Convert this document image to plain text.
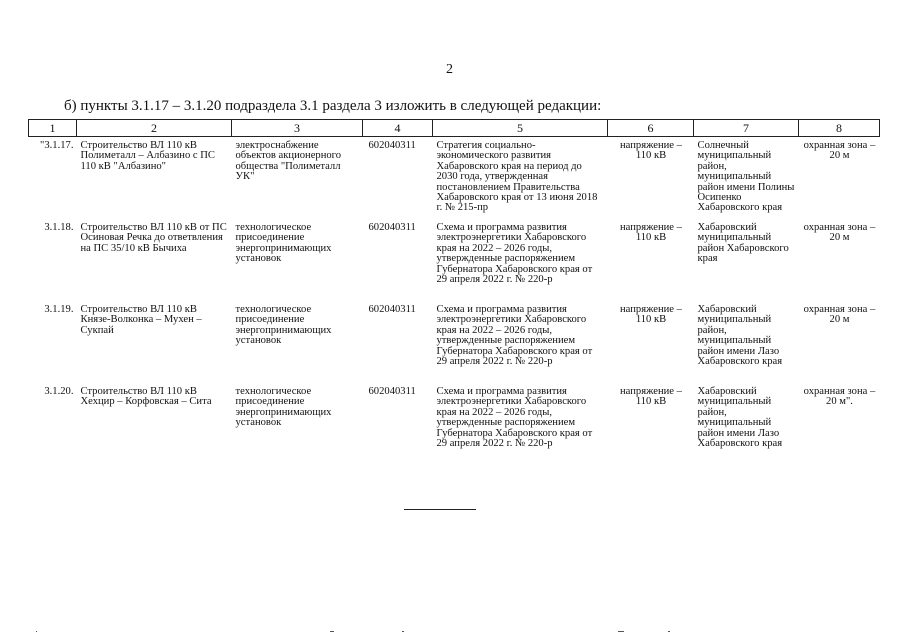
2
б) пункты 3.1.17 – 3.1.20 подраздела 3.1 раздела 3 изложить в следующей редакции:
1	2	3	4	5	6	7	8
"3.1.17.	Строительство ВЛ 110 кВ Полиметалл – Албазино с ПС 110 кВ "Албазино"	электроснабжение объектов акционерного общества "Полиметалл УК"	602040311	Стратегия социально-экономического развития Хабаровского края на период до 2030 года, утвержденная постановлением Правительства Хабаровского края от 13 июня 2018 г. № 215-пр	напряжение – 110 кВ	Солнечный муниципальный район, муниципальный район имени Полины Осипенко Хабаровского края	охранная зона – 20 м
3.1.18.	Строительство ВЛ 110 кВ от ПС Осиновая Речка до ответвления на ПС 35/10 кВ Бычиха	технологическое присоединение энергопринимающих установок	602040311	Схема и программа развития электроэнергетики Хабаровского края на 2022 – 2026 годы, утвержденные распоряжением Губернатора Хабаровского края от 29 апреля 2022 г. № 220-р	напряжение – 110 кВ	Хабаровский муниципальный район Хабаровского края	охранная зона – 20 м
3.1.19.	Строительство ВЛ 110 кВ Князе-Волконка – Мухен – Сукпай	технологическое присоединение энергопринимающих установок	602040311	Схема и программа развития электроэнергетики Хабаровского края на 2022 – 2026 годы, утвержденные распоряжением Губернатора Хабаровского края от 29 апреля 2022 г. № 220-р	напряжение – 110 кВ	Хабаровский муниципальный район, муниципальный район имени Лазо Хабаровского края	охранная зона – 20 м
3.1.20.	Строительство ВЛ 110 кВ Хехцир – Корфовская – Сита	технологическое присоединение энергопринимающих установок	602040311	Схема и программа развития электроэнергетики Хабаровского края на 2022 – 2026 годы, утвержденные распоряжением Губернатора Хабаровского края от 29 апреля 2022 г. № 220-р	напряжение – 110 кВ	Хабаровский муниципальный район, муниципальный район имени Лазо Хабаровского края	охранная зона – 20 м".
